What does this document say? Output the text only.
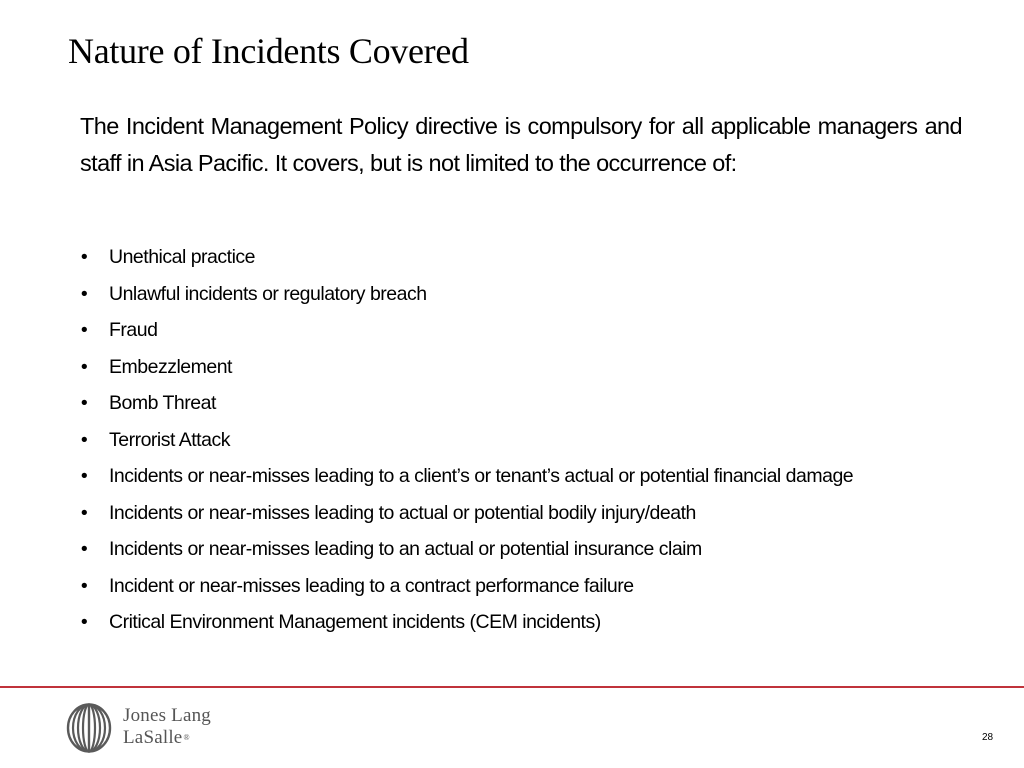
Nature of Incidents Covered

The Incident Management Policy directive is compulsory for all applicable managers and staff in Asia Pacific. It covers, but is not limited to the occurrence of:

•	Unethical practice
•	Unlawful incidents or regulatory breach
•	Fraud
•	Embezzlement
•	Bomb Threat
•	Terrorist Attack
•	Incidents or near-misses leading to a client’s or tenant’s actual or potential financial damage
•	Incidents or near-misses leading to actual or potential bodily injury/death
•	Incidents or near-misses leading to an actual or potential insurance claim
•	Incident or near-misses leading to a contract performance failure
•	Critical Environment Management incidents (CEM incidents)
Jones Lang
LaSalle®	28
